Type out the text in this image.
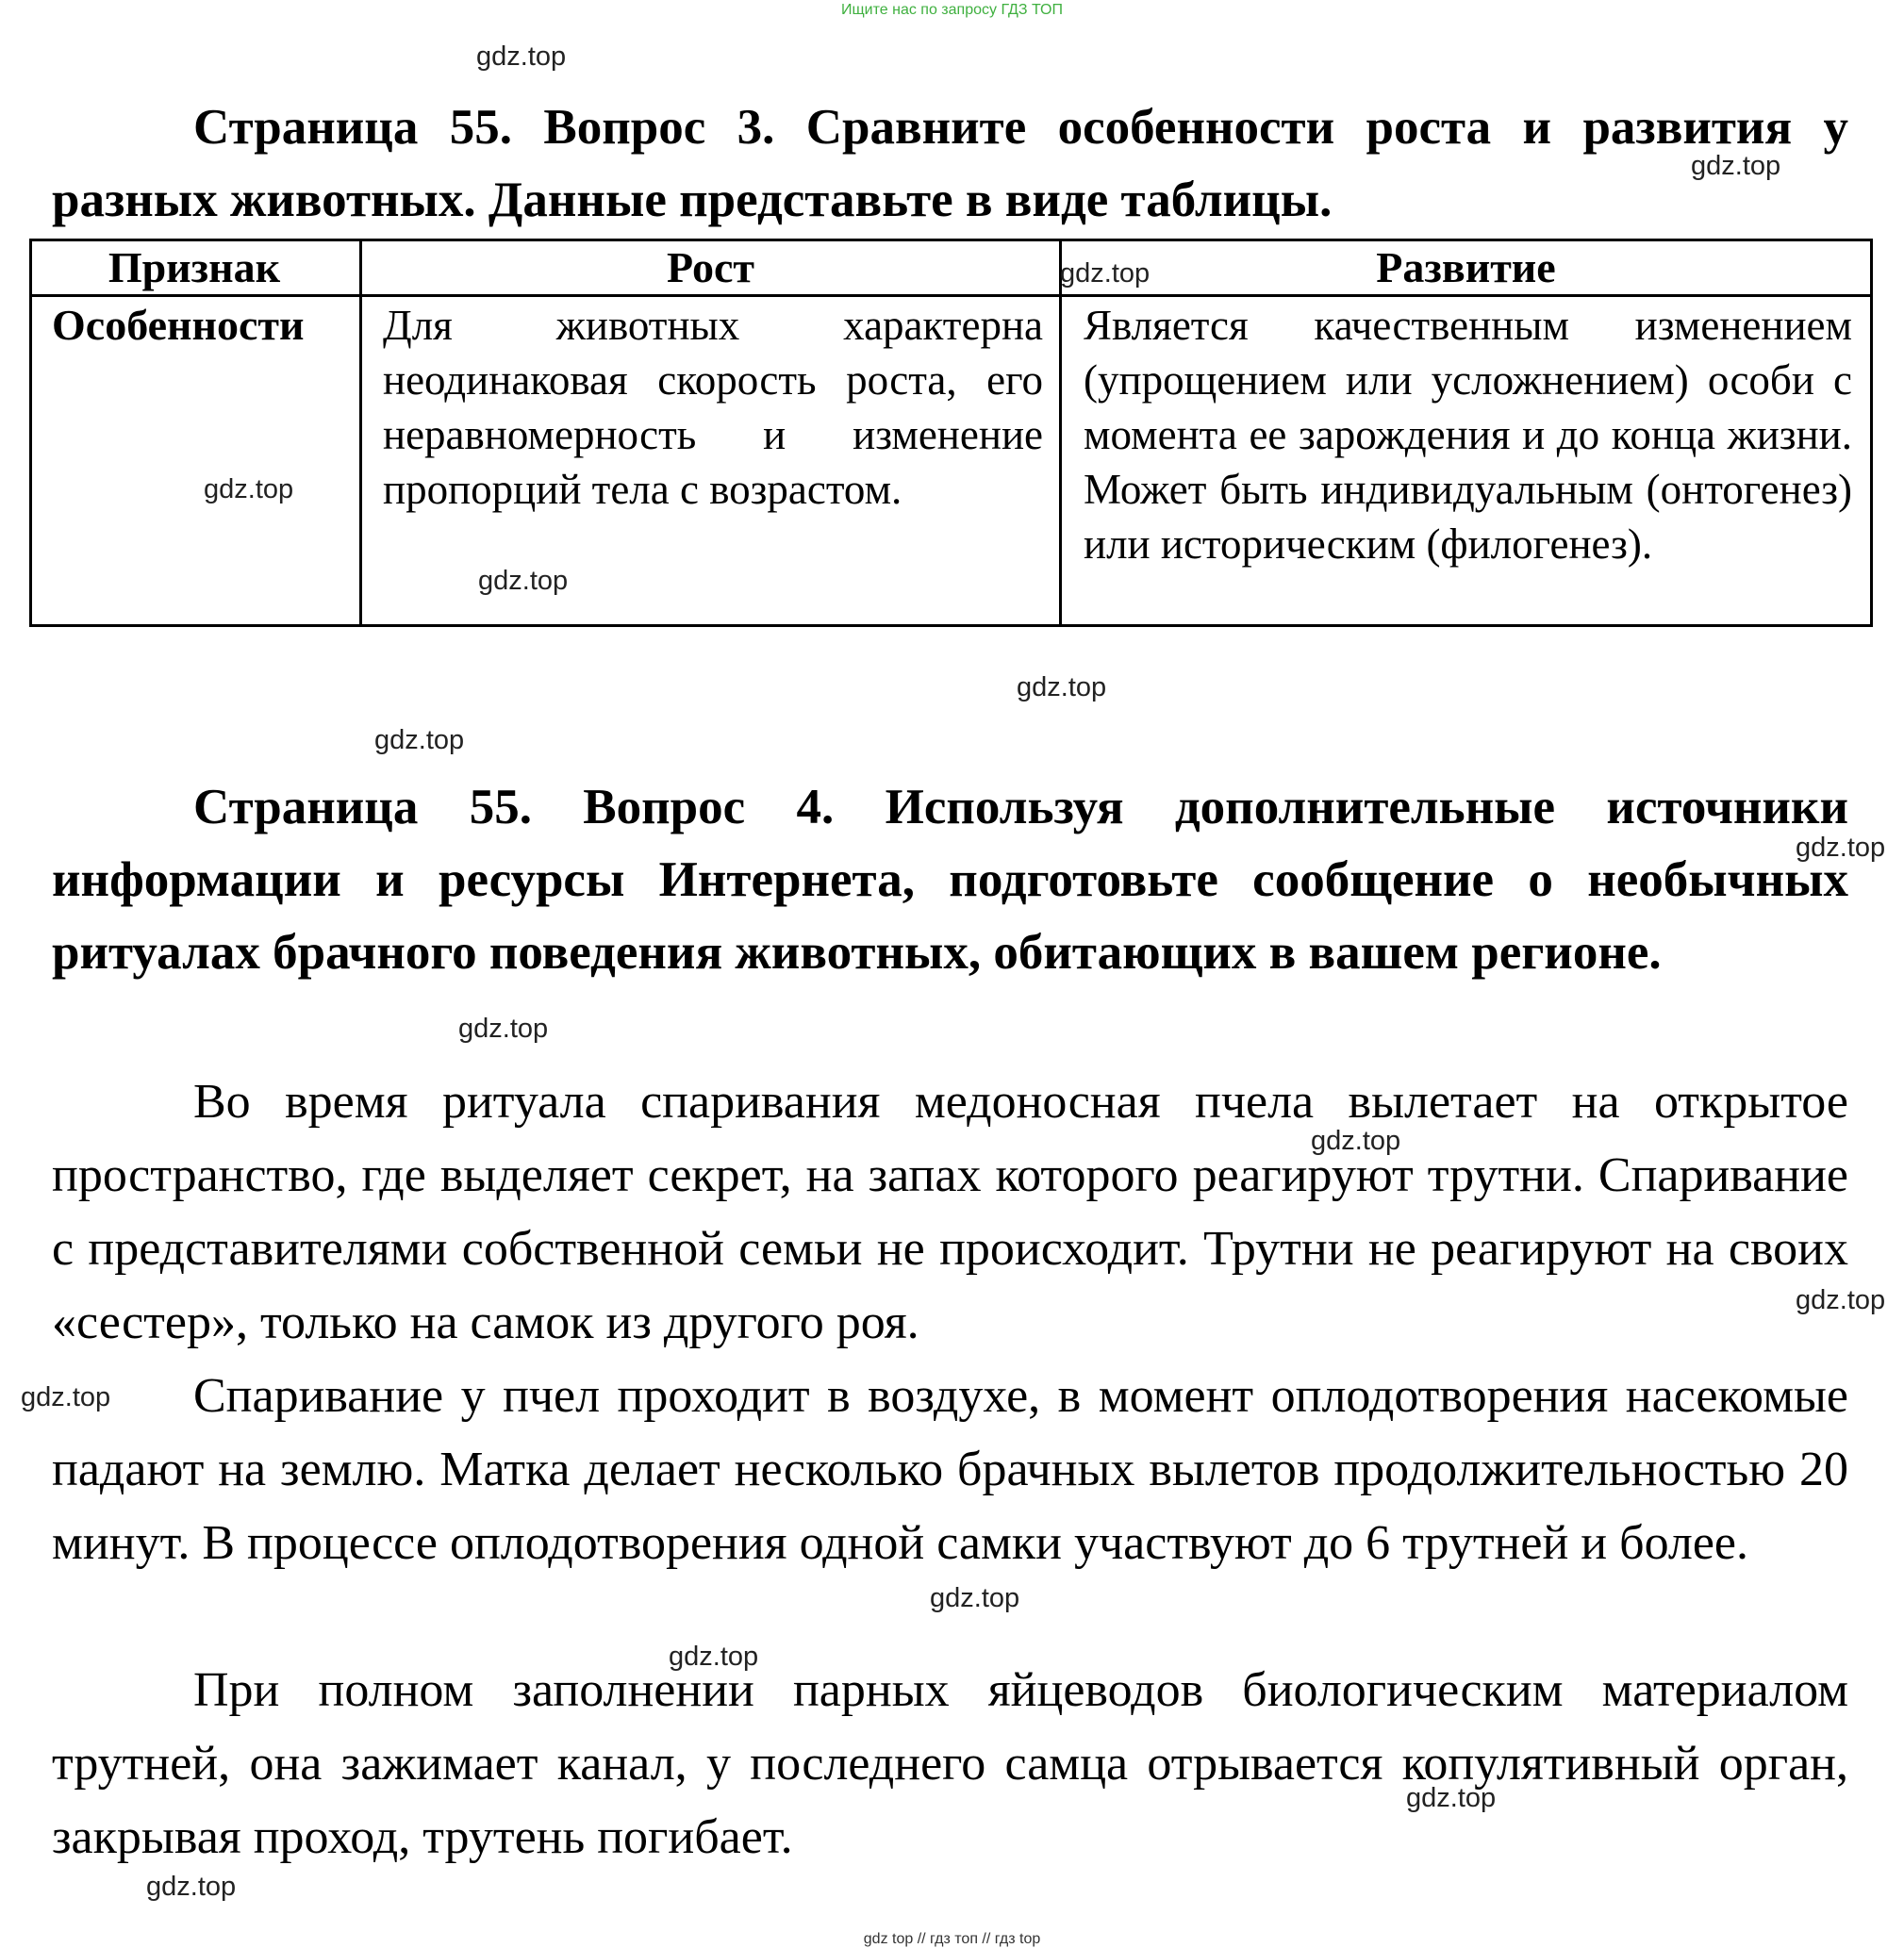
Ищите нас по запросу ГДЗ ТОП

Страница 55. Вопрос 3. Сравните особенности роста и развития у разных животных. Данные представьте в виде таблицы.

Признак	Рост	Развитие
Особенности Для животных характерна неодинаковая скорость роста, его неравномерность и изменение пропорций тела с возрастом.
Является качественным изменением (упрощением или усложнением) особи с момента ее зарождения и до конца жизни. Может быть индивидуальным (онтогенез) или историческим (филогенез).

Страница 55. Вопрос 4. Используя дополнительные источники информации и ресурсы Интернета, подготовьте сообщение о необычных ритуалах брачного поведения животных, обитающих в вашем регионе.

Во время ритуала спаривания медоносная пчела вылетает на открытое пространство, где выделяет секрет, на запах которого реагируют трутни. Спаривание с представителями собственной семьи не происходит. Трутни не реагируют на своих «сестер», только на самок из другого роя.

Спаривание у пчел проходит в воздухе, в момент оплодотворения насекомые падают на землю. Матка делает несколько брачных вылетов продолжительностью 20 минут. В процессе оплодотворения одной самки участвуют до 6 трутней и более.

При полном заполнении парных яйцеводов биологическим материалом трутней, она зажимает канал, у последнего самца отрывается копулятивный орган, закрывая проход, трутень погибает.

gdz.top
gdz.top
gdz.top
gdz.top
gdz.top
gdz.top
gdz.top
gdz.top
gdz.top
gdz.top
gdz.top
gdz.top
gdz.top
gdz.top
gdz.top
gdz.top
gdz top // гдз топ // гдз top
